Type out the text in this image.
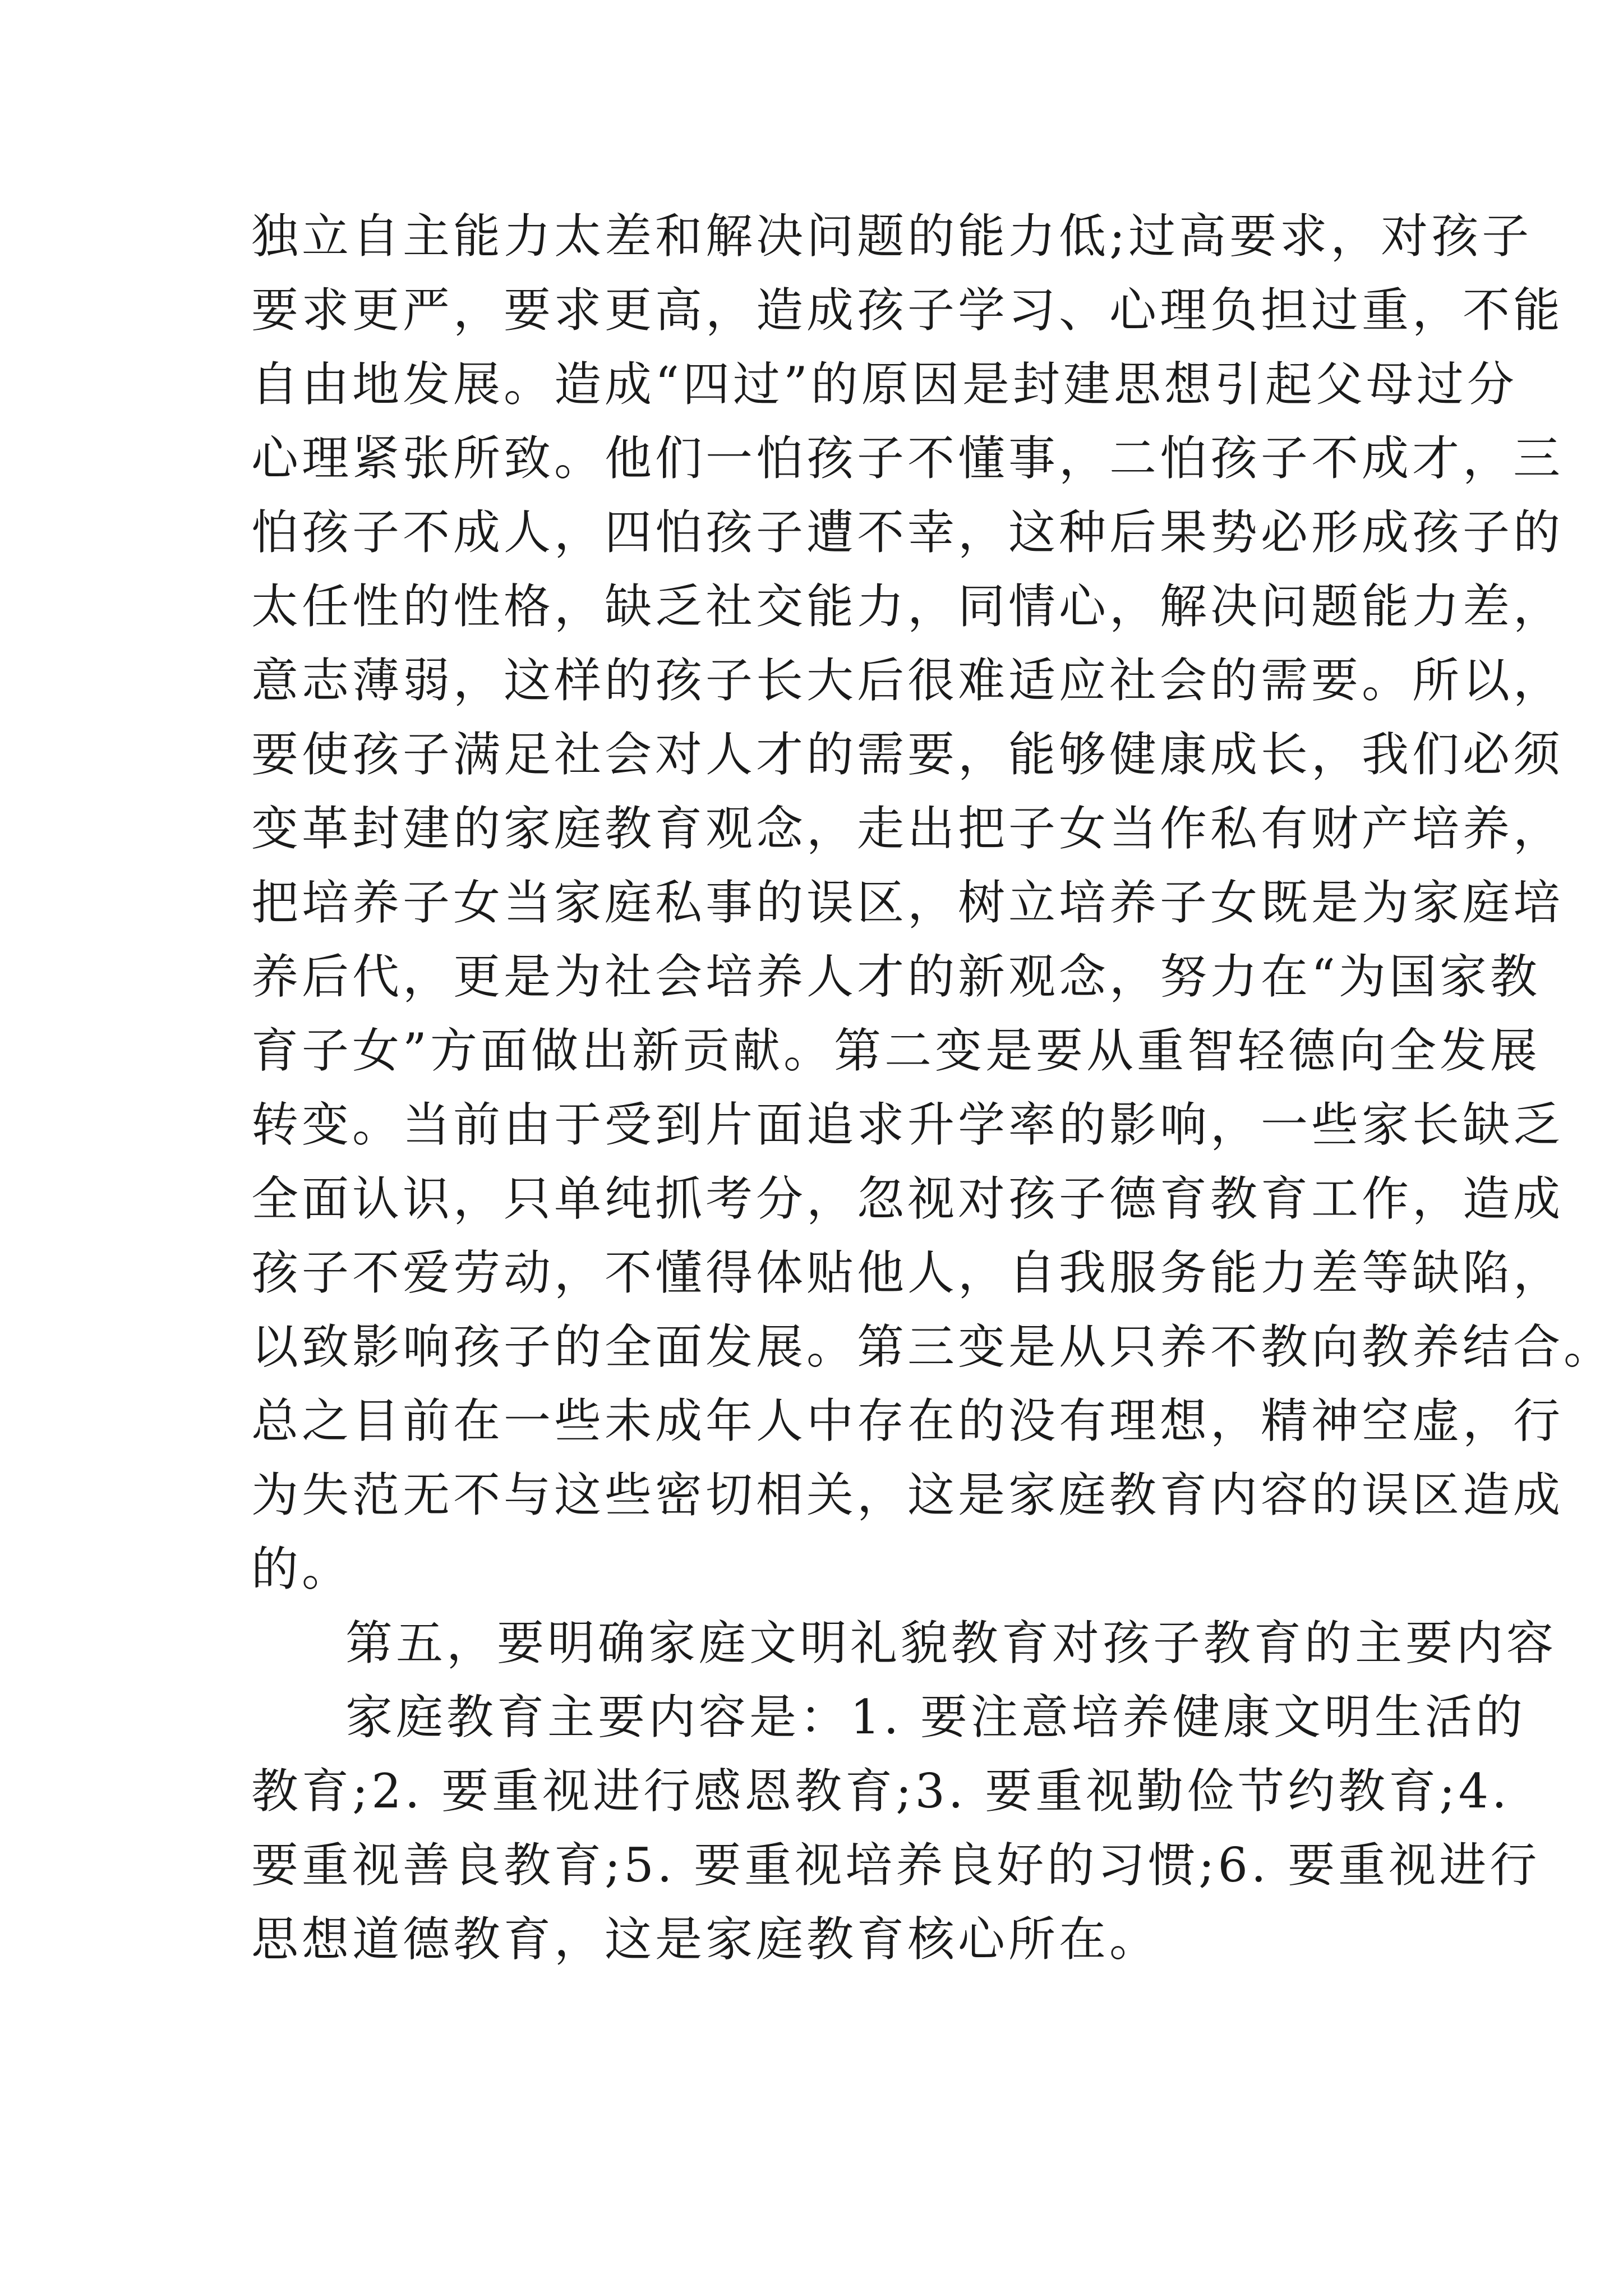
独立自主能力太差和解决问题的能力低;过高要求，对孩子
要求更严，要求更高，造成孩子学习、心理负担过重，不能
自由地发展。造成“四过”的原因是封建思想引起父母过分
心理紧张所致。他们一怕孩子不懂事，二怕孩子不成才，三
怕孩子不成人，四怕孩子遭不幸，这种后果势必形成孩子的
太任性的性格，缺乏社交能力，同情心，解决问题能力差，
意志薄弱，这样的孩子长大后很难适应社会的需要。所以，
要使孩子满足社会对人才的需要，能够健康成长，我们必须
变革封建的家庭教育观念，走出把子女当作私有财产培养，
把培养子女当家庭私事的误区，树立培养子女既是为家庭培
养后代，更是为社会培养人才的新观念，努力在“为国家教
育子女”方面做出新贡献。第二变是要从重智轻德向全发展
转变。当前由于受到片面追求升学率的影响，一些家长缺乏
全面认识，只单纯抓考分，忽视对孩子德育教育工作，造成
孩子不爱劳动，不懂得体贴他人，自我服务能力差等缺陷，
以致影响孩子的全面发展。第三变是从只养不教向教养结合。
总之目前在一些未成年人中存在的没有理想，精神空虚，行
为失范无不与这些密切相关，这是家庭教育内容的误区造成
的。
第五，要明确家庭文明礼貌教育对孩子教育的主要内容
家庭教育主要内容是：1. 要注意培养健康文明生活的
教育;2. 要重视进行感恩教育;3. 要重视勤俭节约教育;4.
要重视善良教育;5. 要重视培养良好的习惯;6. 要重视进行
思想道德教育，这是家庭教育核心所在。
